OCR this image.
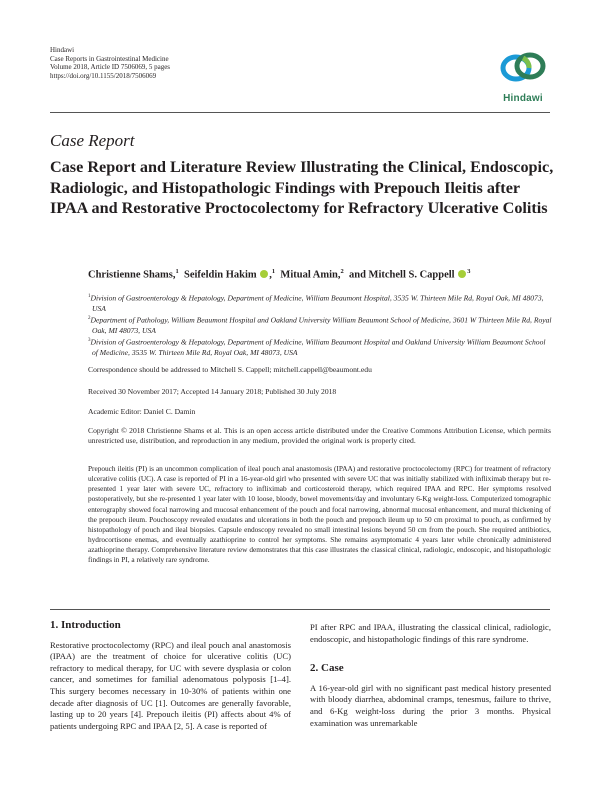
Hindawi
Case Reports in Gastrointestinal Medicine
Volume 2018, Article ID 7506069, 5 pages
https://doi.org/10.1155/2018/7506069
Hindawi
Case Report
Case Report and Literature Review Illustrating the Clinical, Endoscopic, Radiologic, and Histopathologic Findings with Prepouch Ileitis after IPAA and Restorative Proctocolectomy for Refractory Ulcerative Colitis
Christienne Shams,$^1$ Seifeldin Hakim ,$^1$ Mitual Amin,$^2$ and Mitchell S. Cappell $^3$
$^1$Division of Gastroenterology & Hepatology, Department of Medicine, William Beaumont Hospital, 3535 W. Thirteen Mile Rd, Royal Oak, MI 48073, USA
$^2$Department of Pathology, William Beaumont Hospital and Oakland University William Beaumont School of Medicine, 3601 W Thirteen Mile Rd, Royal Oak, MI 48073, USA
$^3$Division of Gastroenterology & Hepatology, Department of Medicine, William Beaumont Hospital and Oakland University William Beaumont School of Medicine, 3535 W. Thirteen Mile Rd, Royal Oak, MI 48073, USA
Correspondence should be addressed to Mitchell S. Cappell; mitchell.cappell@beaumont.edu
Received 30 November 2017; Accepted 14 January 2018; Published 30 July 2018
Academic Editor: Daniel C. Damin
Copyright © 2018 Christienne Shams et al. This is an open access article distributed under the Creative Commons Attribution License, which permits unrestricted use, distribution, and reproduction in any medium, provided the original work is properly cited.
Prepouch ileitis (PI) is an uncommon complication of ileal pouch anal anastomosis (IPAA) and restorative proctocolectomy (RPC) for treatment of refractory ulcerative colitis (UC). A case is reported of PI in a 16-year-old girl who presented with severe UC that was initially stabilized with infliximab therapy but re-presented 1 year later with severe UC, refractory to infliximab and corticosteroid therapy, which required IPAA and RPC. Her symptoms resolved postoperatively, but she re-presented 1 year later with 10 loose, bloody, bowel movements/day and involuntary 6-Kg weight-loss. Computerized tomographic enterography showed focal narrowing and mucosal enhancement of the pouch and focal narrowing, abnormal mucosal enhancement, and mural thickening of the prepouch ileum. Pouchoscopy revealed exudates and ulcerations in both the pouch and prepouch ileum up to 50 cm proximal to pouch, as confirmed by histopathology of pouch and ileal biopsies. Capsule endoscopy revealed no small intestinal lesions beyond 50 cm from the pouch. She required antibiotics, hydrocortisone enemas, and eventually azathioprine to control her symptoms. She remains asymptomatic 4 years later while chronically administered azathioprine therapy. Comprehensive literature review demonstrates that this case illustrates the classical clinical, radiologic, endoscopic, and histopathologic findings in PI, a relatively rare syndrome.
1. Introduction

Restorative proctocolectomy (RPC) and ileal pouch anal anastomosis (IPAA) are the treatment of choice for ulcerative colitis (UC) refractory to medical therapy, for UC with severe dysplasia or colon cancer, and sometimes for familial adenomatous polyposis [1–4]. This surgery becomes necessary in 10-30% of patients within one decade after diagnosis of UC [1]. Outcomes are generally favorable, lasting up to 20 years [4]. Prepouch ileitis (PI) affects about 4% of patients undergoing RPC and IPAA [2, 5]. A case is reported of

PI after RPC and IPAA, illustrating the classical clinical, radiologic, endoscopic, and histopathologic findings of this rare syndrome.

2. Case

A 16-year-old girl with no significant past medical history presented with bloody diarrhea, abdominal cramps, tenesmus, failure to thrive, and 6-Kg weight-loss during the prior 3 months. Physical examination was unremarkable
